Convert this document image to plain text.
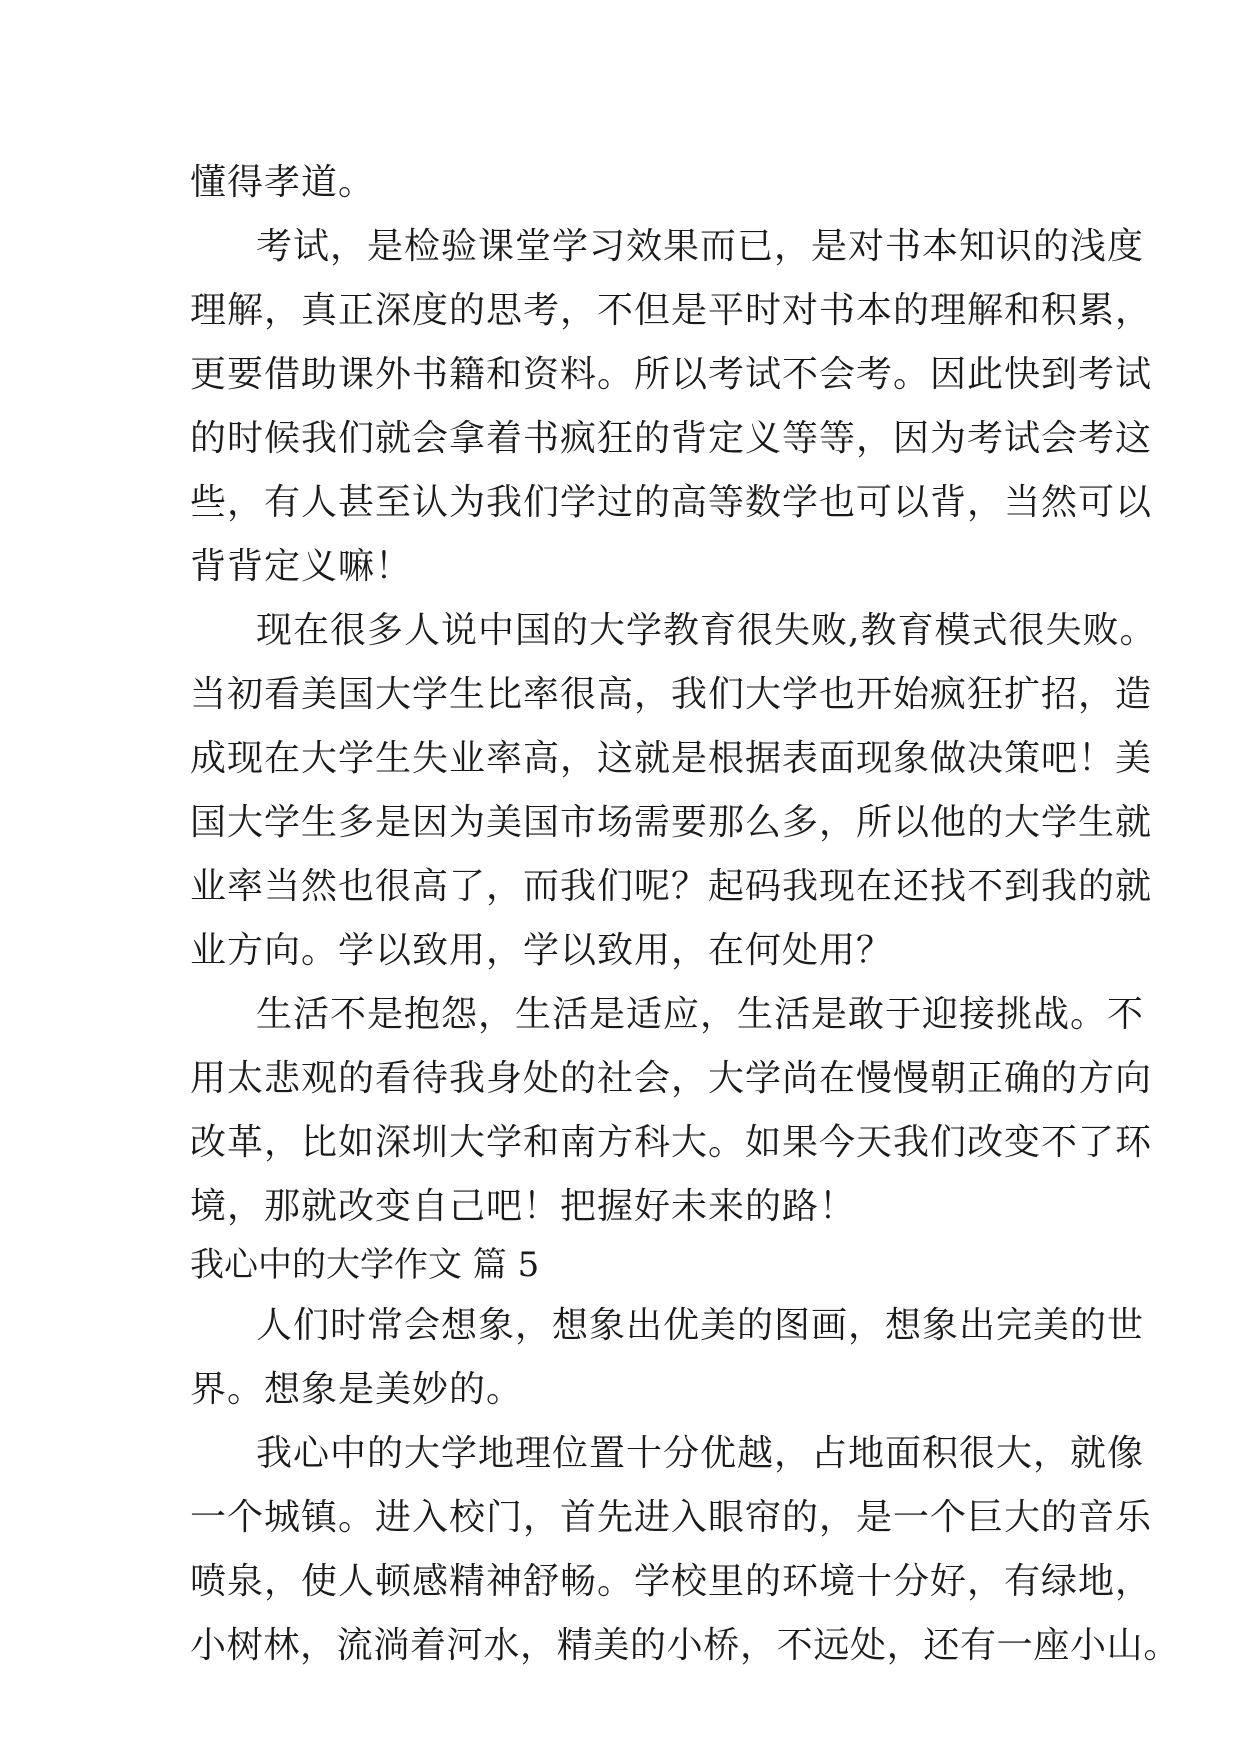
懂得孝道。
考试，是检验课堂学习效果而已，是对书本知识的浅度
理解，真正深度的思考，不但是平时对书本的理解和积累，
更要借助课外书籍和资料。所以考试不会考。因此快到考试
的时候我们就会拿着书疯狂的背定义等等，因为考试会考这
些，有人甚至认为我们学过的高等数学也可以背，当然可以
背背定义嘛！
现在很多人说中国的大学教育很失败,教育模式很失败。
当初看美国大学生比率很高，我们大学也开始疯狂扩招，造
成现在大学生失业率高，这就是根据表面现象做决策吧！美
国大学生多是因为美国市场需要那么多，所以他的大学生就
业率当然也很高了，而我们呢？起码我现在还找不到我的就
业方向。学以致用，学以致用，在何处用？
生活不是抱怨，生活是适应，生活是敢于迎接挑战。不
用太悲观的看待我身处的社会，大学尚在慢慢朝正确的方向
改革，比如深圳大学和南方科大。如果今天我们改变不了环
境，那就改变自己吧！把握好未来的路！
我心中的大学作文 篇 5
人们时常会想象，想象出优美的图画，想象出完美的世
界。想象是美妙的。
我心中的大学地理位置十分优越，占地面积很大，就像
一个城镇。进入校门，首先进入眼帘的，是一个巨大的音乐
喷泉，使人顿感精神舒畅。学校里的环境十分好，有绿地，
小树林，流淌着河水，精美的小桥，不远处，还有一座小山。
